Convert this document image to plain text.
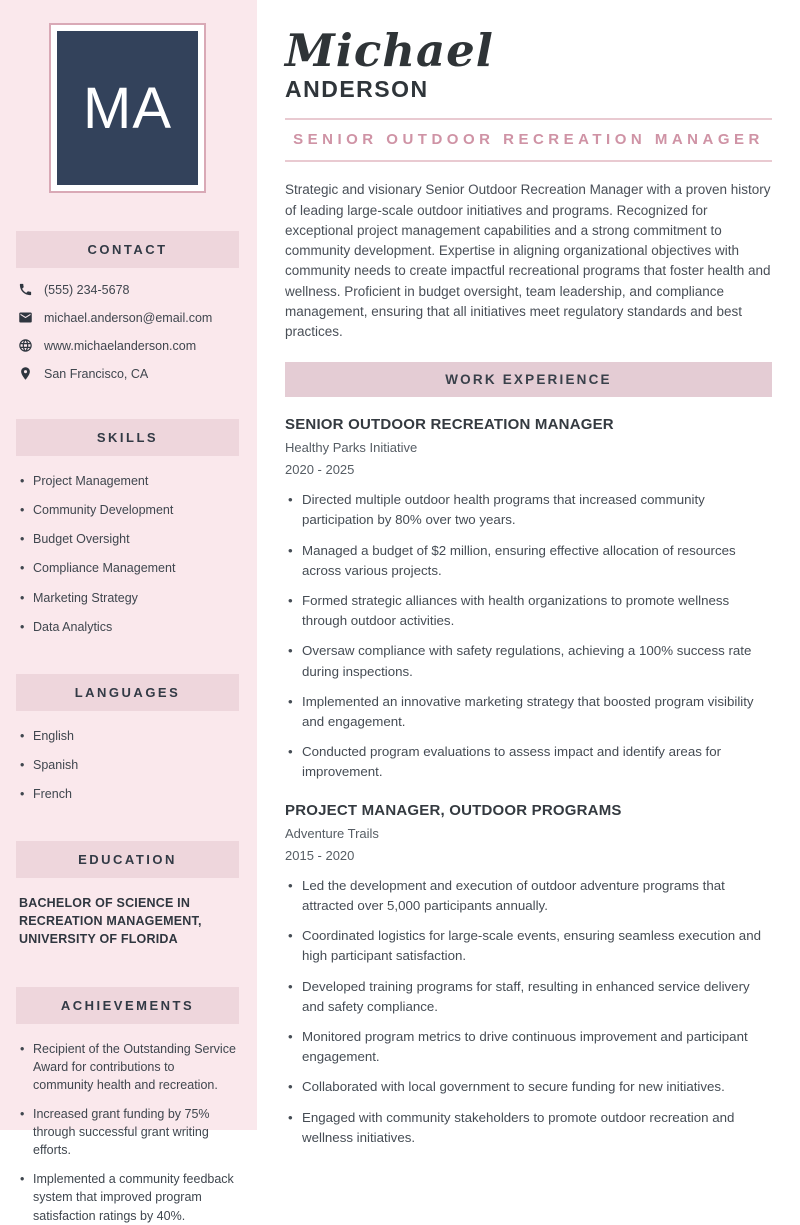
MA
CONTACT
(555) 234-5678
michael.anderson@email.com
www.michaelanderson.com
San Francisco, CA
SKILLS
• Project Management
• Community Development
• Budget Oversight
• Compliance Management
• Marketing Strategy
• Data Analytics
LANGUAGES
• English
• Spanish
• French
EDUCATION

BACHELOR OF SCIENCE IN RECREATION MANAGEMENT, UNIVERSITY OF FLORIDA

ACHIEVEMENTS
• Recipient of the Outstanding Service Award for contributions to community health and recreation.
• Increased grant funding by 75% through successful grant writing efforts.
• Implemented a community feedback system that improved program satisfaction ratings by 40%.
Michael
ANDERSON
SENIOR OUTDOOR RECREATION MANAGER

Strategic and visionary Senior Outdoor Recreation Manager with a proven history of leading large-scale outdoor initiatives and programs. Recognized for exceptional project management capabilities and a strong commitment to community development. Expertise in aligning organizational objectives with community needs to create impactful recreational programs that foster health and wellness. Proficient in budget oversight, team leadership, and compliance management, ensuring that all initiatives meet regulatory standards and best practices.

WORK EXPERIENCE
SENIOR OUTDOOR RECREATION MANAGER
Healthy Parks Initiative
2020 - 2025
• Directed multiple outdoor health programs that increased community participation by 80% over two years.
• Managed a budget of $2 million, ensuring effective allocation of resources across various projects.
• Formed strategic alliances with health organizations to promote wellness through outdoor activities.
• Oversaw compliance with safety regulations, achieving a 100% success rate during inspections.
• Implemented an innovative marketing strategy that boosted program visibility and engagement.
• Conducted program evaluations to assess impact and identify areas for improvement.
PROJECT MANAGER, OUTDOOR PROGRAMS
Adventure Trails
2015 - 2020
• Led the development and execution of outdoor adventure programs that attracted over 5,000 participants annually.
• Coordinated logistics for large-scale events, ensuring seamless execution and high participant satisfaction.
• Developed training programs for staff, resulting in enhanced service delivery and safety compliance.
• Monitored program metrics to drive continuous improvement and participant engagement.
• Collaborated with local government to secure funding for new initiatives.
• Engaged with community stakeholders to promote outdoor recreation and wellness initiatives.
